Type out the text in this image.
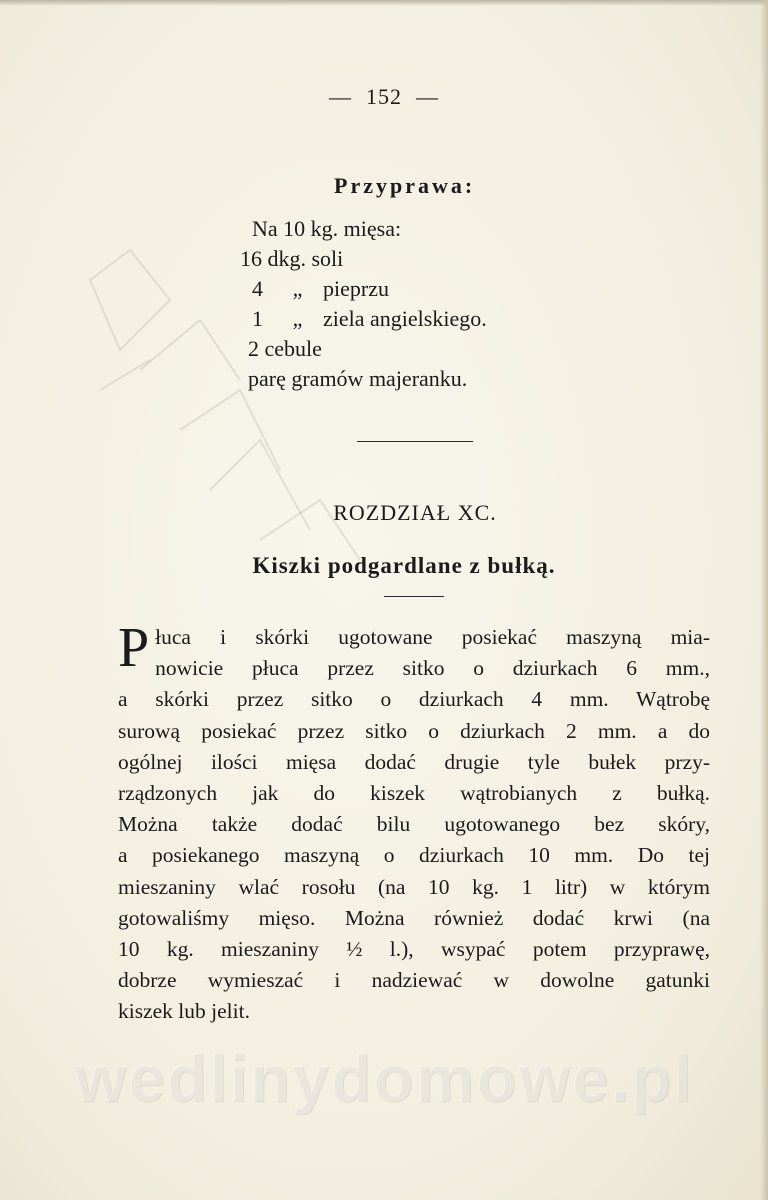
— 152 —
Przyprawa:
Na 10 kg. mięsa:
16 dkg. soli
4 „ pieprzu
1 „ ziela angielskiego.
2 cebule
parę gramów majeranku.
ROZDZIAŁ XC.
Kiszki podgardlane z bułką.
P łuca i skórki ugotowane posiekać maszyną mia-
nowicie płuca przez sitko o dziurkach 6 mm.,
a skórki przez sitko o dziurkach 4 mm. Wątrobę
surową posiekać przez sitko o dziurkach 2 mm. a do
ogólnej ilości mięsa dodać drugie tyle bułek przy-
rządzonych jak do kiszek wątrobianych z bułką.
Można także dodać bilu ugotowanego bez skóry,
a posiekanego maszyną o dziurkach 10 mm. Do tej
mieszaniny wlać rosołu (na 10 kg. 1 litr) w którym
gotowaliśmy mięso. Można również dodać krwi (na
10 kg. mieszaniny ½ l.), wsypać potem przyprawę,
dobrze wymieszać i nadziewać w dowolne gatunki
kiszek lub jelit.
wedlinydomowe.pl
